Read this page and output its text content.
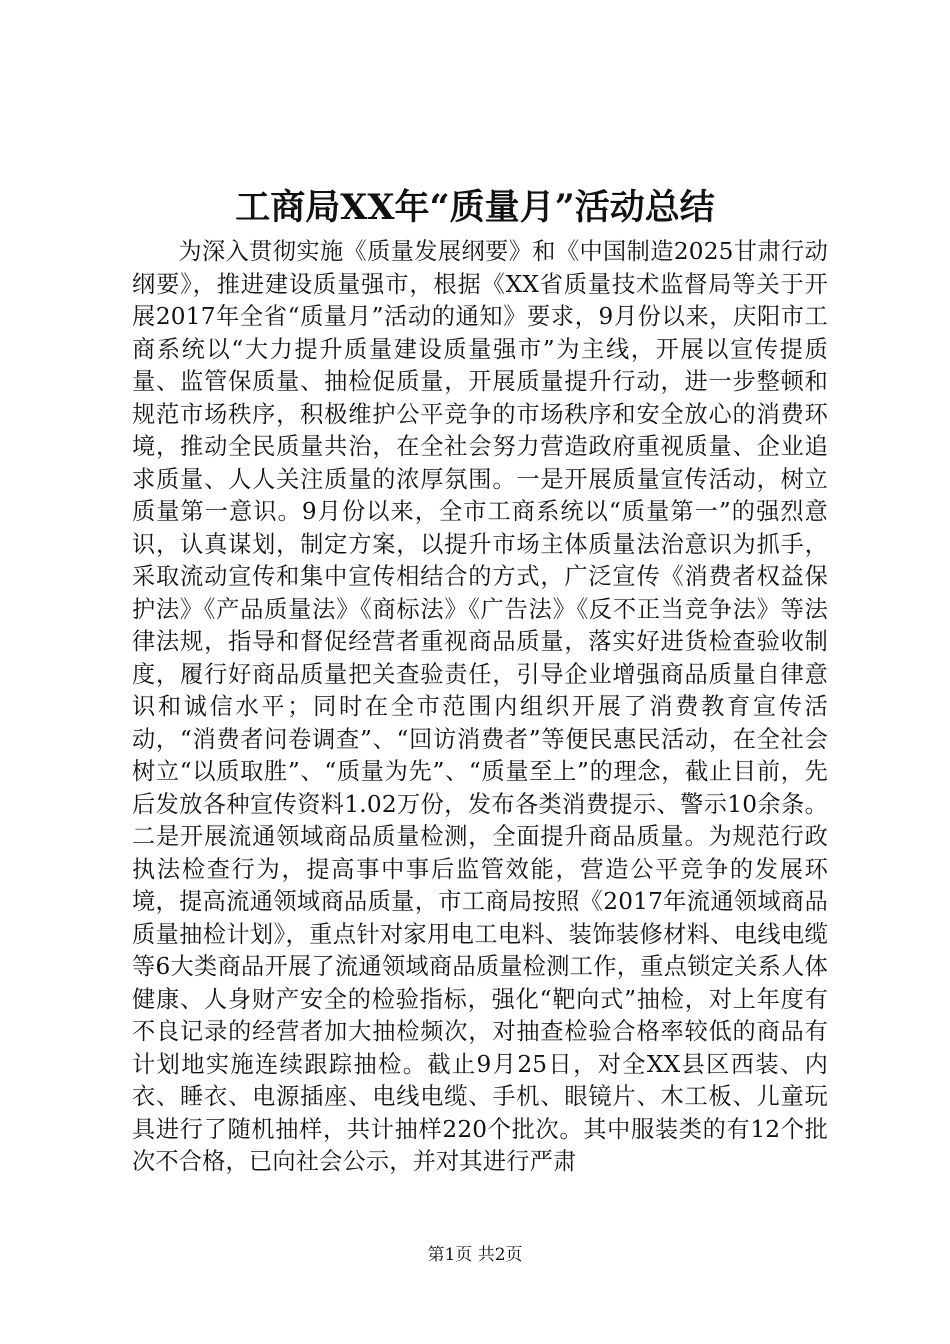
工商局XX年“质量月”活动总结

为深入贯彻实施《质量发展纲要》和《中国制造2025甘肃行动纲要》，推进建设质量强市，根据《XX省质量技术监督局等关于开展2017年全省“质量月”活动的通知》要求，9月份以来，庆阳市工商系统以“大力提升质量建设质量强市”为主线，开展以宣传提质量、监管保质量、抽检促质量，开展质量提升行动，进一步整顿和规范市场秩序，积极维护公平竞争的市场秩序和安全放心的消费环境，推动全民质量共治，在全社会努力营造政府重视质量、企业追求质量、人人关注质量的浓厚氛围。一是开展质量宣传活动，树立质量第一意识。9月份以来，全市工商系统以“质量第一”的强烈意识，认真谋划，制定方案，以提升市场主体质量法治意识为抓手，采取流动宣传和集中宣传相结合的方式，广泛宣传《消费者权益保护法》《产品质量法》《商标法》《广告法》《反不正当竞争法》等法律法规，指导和督促经营者重视商品质量，落实好进货检查验收制度，履行好商品质量把关查验责任，引导企业增强商品质量自律意识和诚信水平；同时在全市范围内组织开展了消费教育宣传活动，“消费者问卷调查”、“回访消费者”等便民惠民活动，在全社会树立“以质取胜”、“质量为先”、“质量至上”的理念，截止目前，先后发放各种宣传资料1.02万份，发布各类消费提示、警示10余条。二是开展流通领域商品质量检测，全面提升商品质量。为规范行政执法检查行为，提高事中事后监管效能，营造公平竞争的发展环境，提高流通领域商品质量，市工商局按照《2017年流通领域商品质量抽检计划》，重点针对家用电工电料、装饰装修材料、电线电缆等6大类商品开展了流通领域商品质量检测工作，重点锁定关系人体健康、人身财产安全的检验指标，强化“靶向式”抽检，对上年度有不良记录的经营者加大抽检频次，对抽查检验合格率较低的商品有计划地实施连续跟踪抽检。截止9月25日，对全XX县区西装、内衣、睡衣、电源插座、电线电缆、手机、眼镜片、木工板、儿童玩具进行了随机抽样，共计抽样220个批次。其中服装类的有12个批次不合格，已向社会公示，并对其进行严肃

第1页 共2页
